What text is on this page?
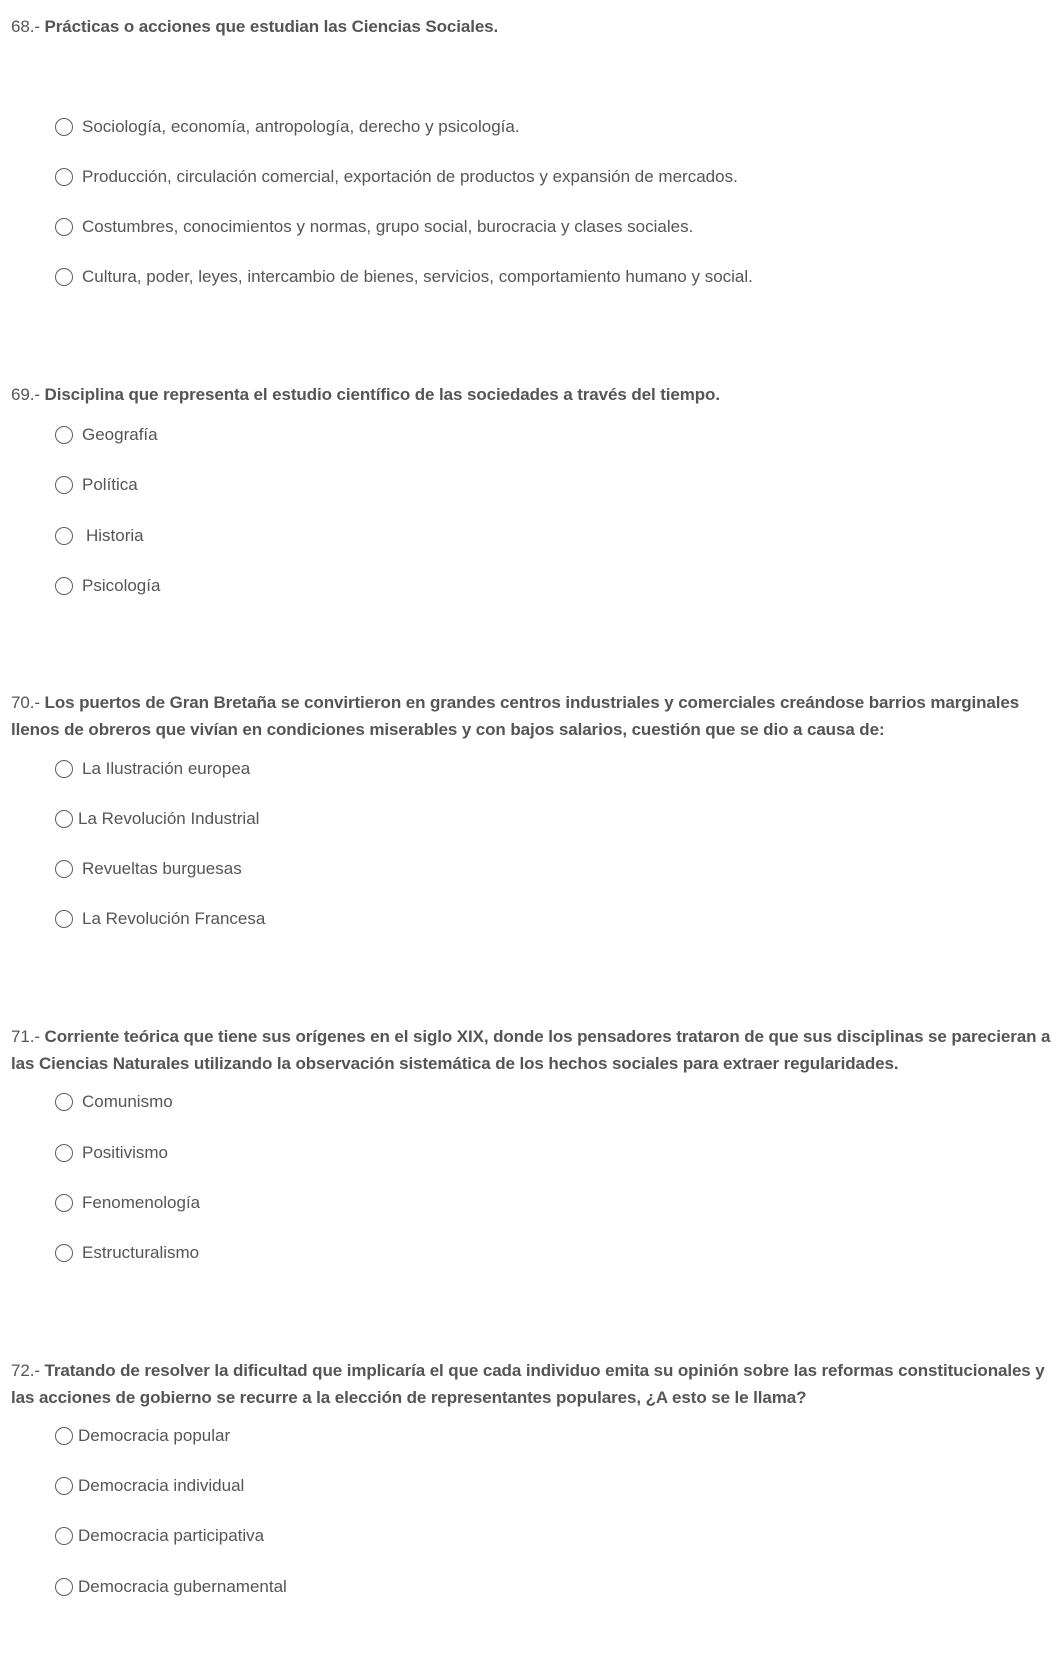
68.- Prácticas o acciones que estudian las Ciencias Sociales.

Sociología, economía, antropología, derecho y psicología.
Producción, circulación comercial, exportación de productos y expansión de mercados.
Costumbres, conocimientos y normas, grupo social, burocracia y clases sociales.
Cultura, poder, leyes, intercambio de bienes, servicios, comportamiento humano y social.

69.- Disciplina que representa el estudio científico de las sociedades a través del tiempo.

Geografía
Política
Historia
Psicología

70.- Los puertos de Gran Bretaña se convirtieron en grandes centros industriales y comerciales creándose barrios marginales llenos de obreros que vivían en condiciones miserables y con bajos salarios, cuestión que se dio a causa de:

La Ilustración europea
La Revolución Industrial
Revueltas burguesas
La Revolución Francesa

71.- Corriente teórica que tiene sus orígenes en el siglo XIX, donde los pensadores trataron de que sus disciplinas se parecieran a las Ciencias Naturales utilizando la observación sistemática de los hechos sociales para extraer regularidades.

Comunismo
Positivismo
Fenomenología
Estructuralismo

72.- Tratando de resolver la dificultad que implicaría el que cada individuo emita su opinión sobre las reformas constitucionales y las acciones de gobierno se recurre a la elección de representantes populares, ¿A esto se le llama?

Democracia popular
Democracia individual
Democracia participativa
Democracia gubernamental
